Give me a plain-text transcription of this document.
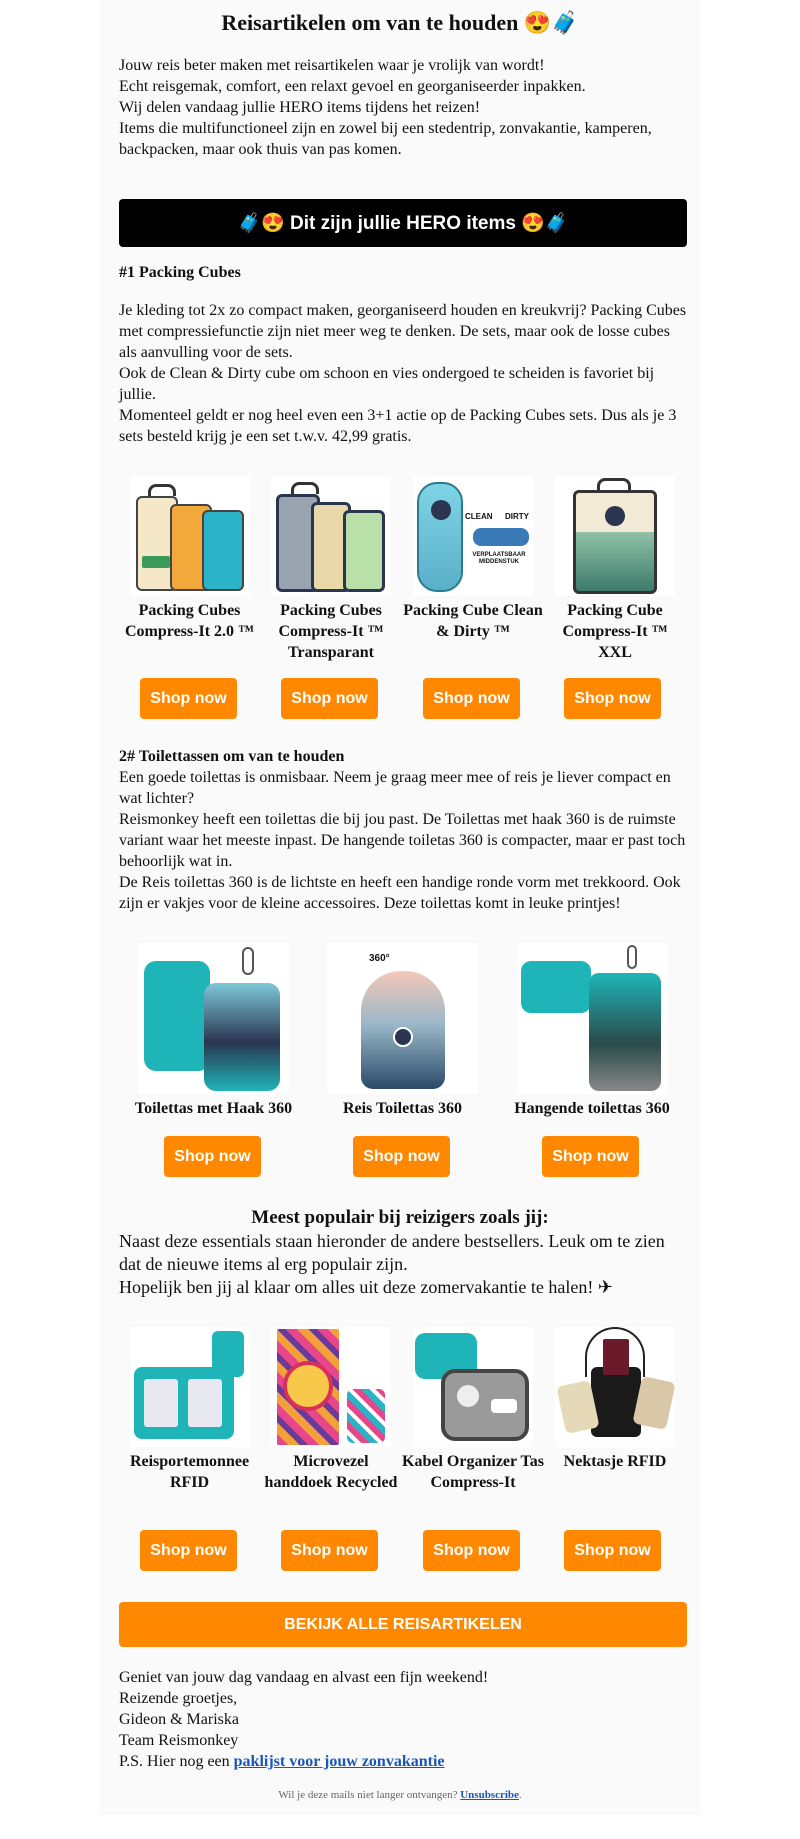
Reisartikelen om van te houden 😍🧳
Jouw reis beter maken met reisartikelen waar je vrolijk van wordt!
Echt reisgemak, comfort, een relaxt gevoel en georganiseerder inpakken.
Wij delen vandaag jullie HERO items tijdens het reizen!
Items die multifunctioneel zijn en zowel bij een stedentrip, zonvakantie, kamperen, backpacken, maar ook thuis van pas komen.
🧳😍 Dit zijn jullie HERO items 😍🧳
#1 Packing Cubes
Je kleding tot 2x zo compact maken, georganiseerd houden en kreukvrij? Packing Cubes met compressiefunctie zijn niet meer weg te denken. De sets, maar ook de losse cubes als aanvulling voor de sets.
Ook de Clean & Dirty cube om schoon en vies ondergoed te scheiden is favoriet bij jullie.
Momenteel geldt er nog heel even een 3+1 actie op de Packing Cubes sets. Dus als je 3 sets besteld krijg je een set t.w.v. 42,99 gratis.
Packing Cubes Compress-It 2.0 ™
Packing Cubes Compress-It ™ Transparant
CLEAN DIRTY
VERPLAATSBAAR MIDDENSTUK
Packing Cube Clean & Dirty ™
Packing Cube Compress-It ™ XXL
Shop now	Shop now	Shop now	Shop now
2# Toilettassen om van te houden
Een goede toilettas is onmisbaar. Neem je graag meer mee of reis je liever compact en wat lichter?
Reismonkey heeft een toilettas die bij jou past. De Toilettas met haak 360 is de ruimste variant waar het meeste inpast. De hangende toiletas 360 is compacter, maar er past toch behoorlijk wat in.
De Reis toilettas 360 is de lichtste en heeft een handige ronde vorm met trekkoord. Ook zijn er vakjes voor de kleine accessoires. Deze toilettas komt in leuke printjes!
Toilettas met Haak 360
360°
Reis Toilettas 360	Hangende toilettas 360
Shop now	Shop now	Shop now
Meest populair bij reizigers zoals jij:
Naast deze essentials staan hieronder de andere bestsellers. Leuk om te zien dat de nieuwe items al erg populair zijn.
Hopelijk ben jij al klaar om alles uit deze zomervakantie te halen! ✈
Reisportemonnee RFID
Microvezel handdoek Recycled
Kabel Organizer Tas Compress-It
Nektasje RFID
Shop now	Shop now	Shop now	Shop now
BEKIJK ALLE REISARTIKELEN
Geniet van jouw dag vandaag en alvast een fijn weekend!
Reizende groetjes,
Gideon & Mariska
Team Reismonkey
P.S. Hier nog een paklijst voor jouw zonvakantie
Wil je deze mails niet langer ontvangen? Unsubscribe.
